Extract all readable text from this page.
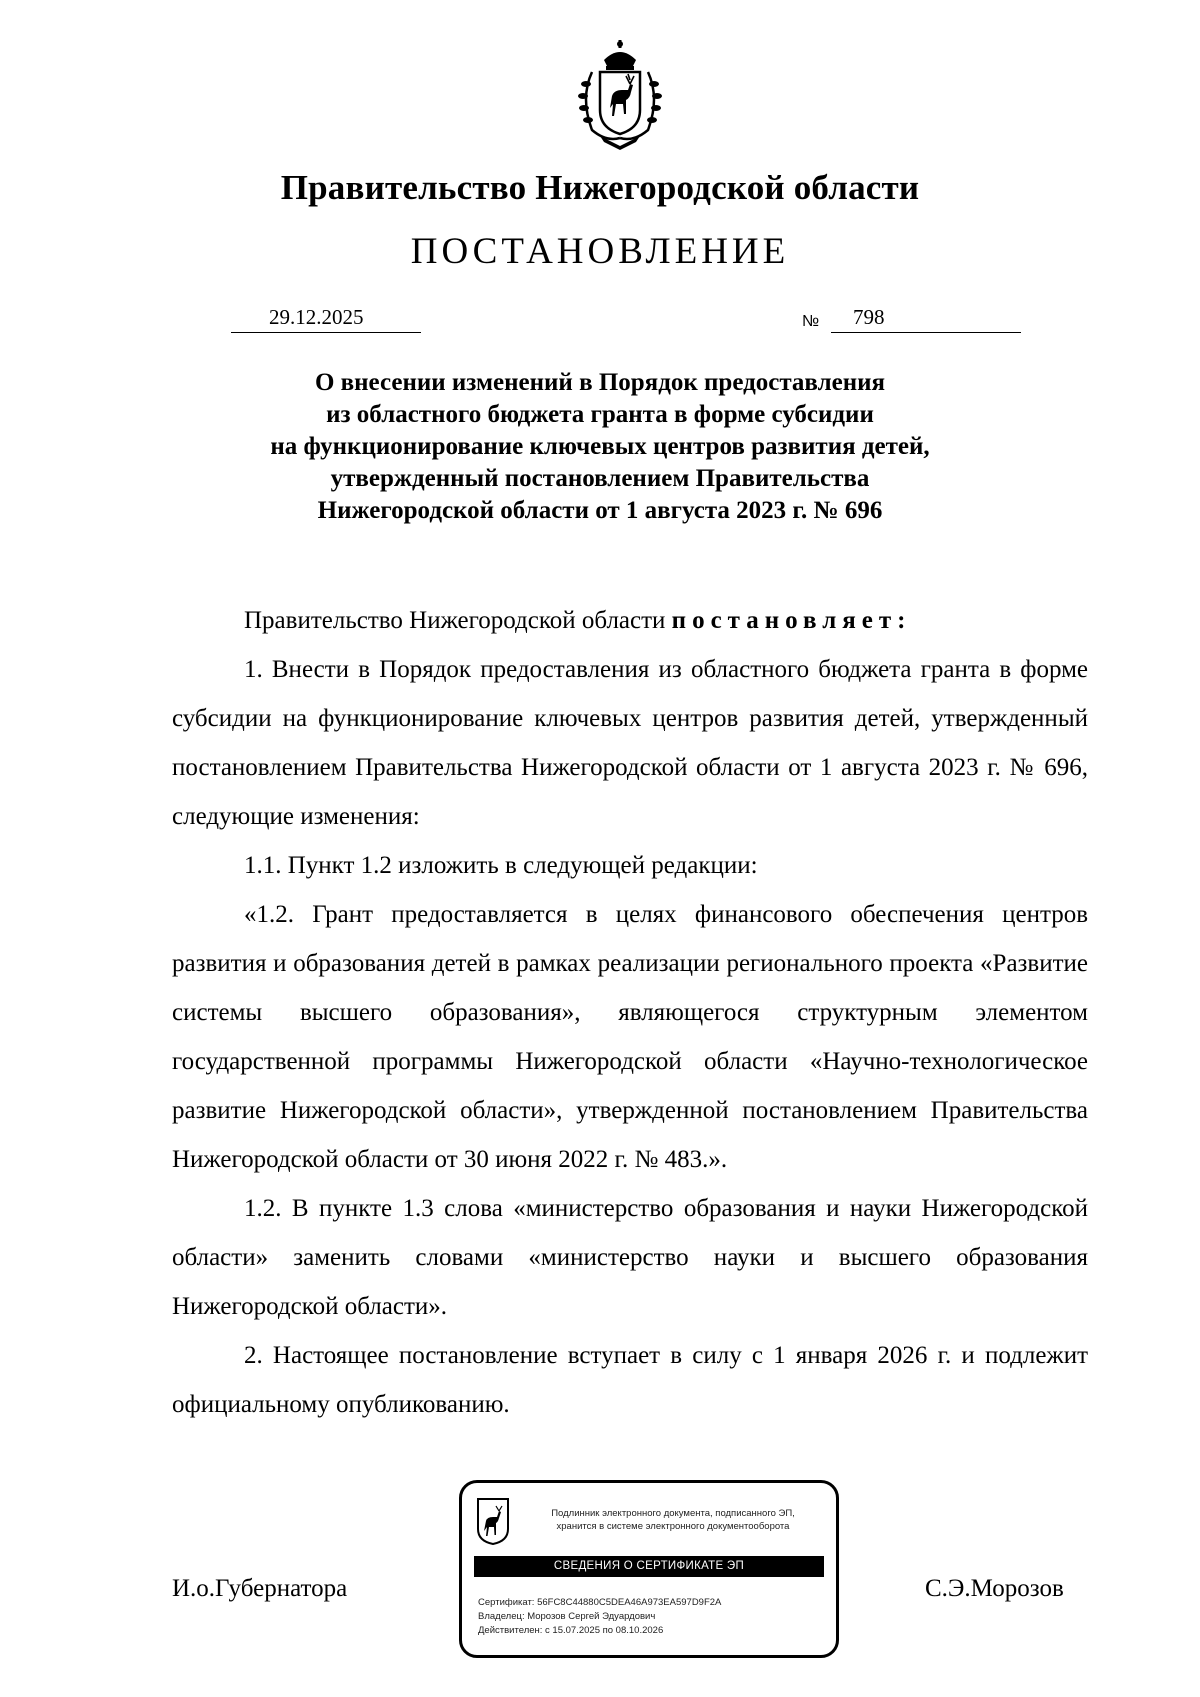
Правительство Нижегородской области
ПОСТАНОВЛЕНИЕ
29.12.2025	№ 798
О внесении изменений в Порядок предоставления
из областного бюджета гранта в форме субсидии
на функционирование ключевых центров развития детей,
утвержденный постановлением Правительства
Нижегородской области от 1 августа 2023 г. № 696

Правительство Нижегородской области постановляет:

1. Внести в Порядок предоставления из областного бюджета гранта в форме субсидии на функционирование ключевых центров развития детей, утвержденный постановлением Правительства Нижегородской области от 1 августа 2023 г. № 696, следующие изменения:

1.1. Пункт 1.2 изложить в следующей редакции:

«1.2. Грант предоставляется в целях финансового обеспечения центров развития и образования детей в рамках реализации регионального проекта «Развитие системы высшего образования», являющегося структурным элементом государственной программы Нижегородской области «Научно-технологическое развитие Нижегородской области», утвержденной постановлением Правительства Нижегородской области от 30 июня 2022 г. № 483.».

1.2. В пункте 1.3 слова «министерство образования и науки Нижегородской области» заменить словами «министерство науки и высшего образования Нижегородской области».

2. Настоящее постановление вступает в силу с 1 января 2026 г. и подлежит официальному опубликованию.

И.о.Губернатора	С.Э.Морозов
Подлинник электронного документа, подписанного ЭП,
хранится в системе электронного документооборота
СВЕДЕНИЯ О СЕРТИФИКАТЕ ЭП
Сертификат: 56FC8C44880C5DEA46A973EA597D9F2A
Владелец: Морозов Сергей Эдуардович
Действителен: с 15.07.2025 по 08.10.2026
